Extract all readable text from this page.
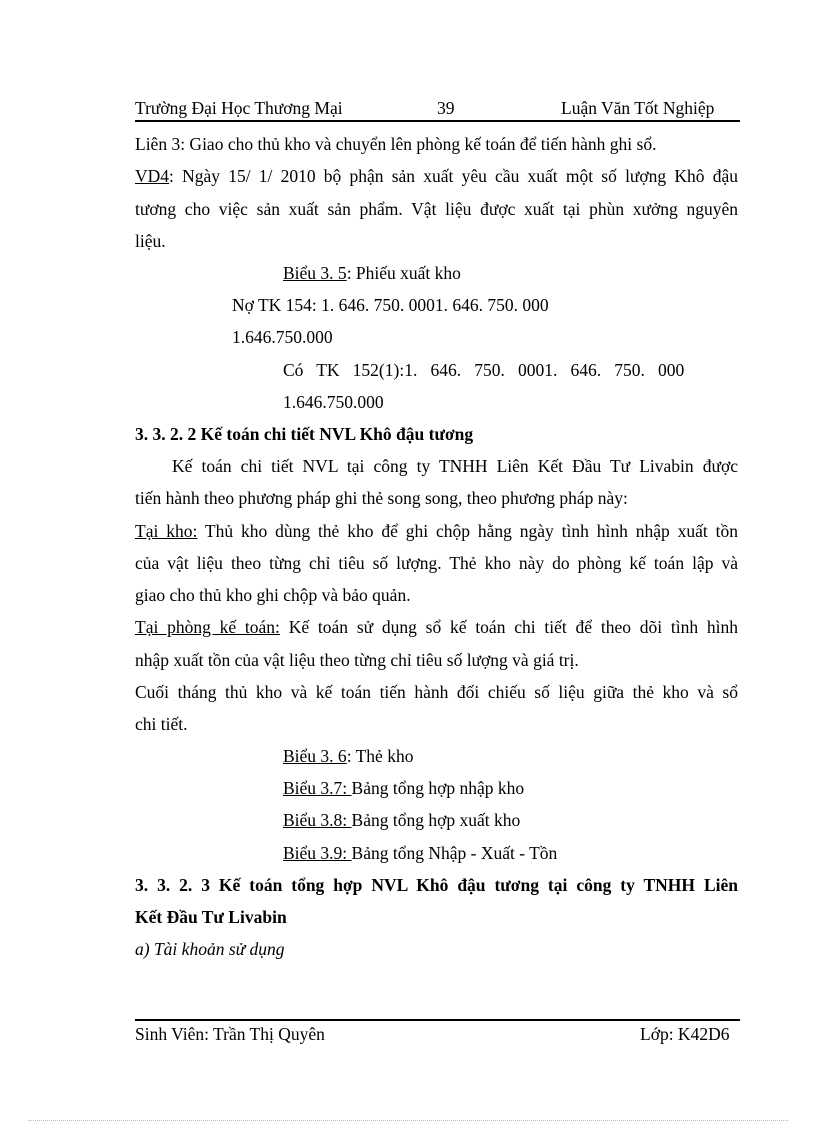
Trường Đại Học Thương Mại	39	Luận Văn Tốt Nghiệp
Liên 3: Giao cho thủ kho và chuyển lên phòng kế toán để tiến hành ghi sổ.
VD4: Ngày 15/ 1/ 2010 bộ phận sản xuất yêu cầu xuất một số lượng Khô đậu
tương cho việc sản xuất sản phẩm. Vật liệu được xuất tại phùn xưởng nguyên
liệu.
Biểu 3. 5: Phiếu xuất kho
Nợ TK 154: 1. 646. 750. 0001. 646. 750. 000
1.646.750.000
Có   TK   152(1):1.   646.   750.   0001.   646.   750.   000
1.646.750.000
3. 3. 2. 2 Kế toán chi tiết NVL Khô đậu tương
Kế toán chi tiết NVL tại công ty TNHH Liên Kết Đầu Tư Livabin được
tiến hành theo phương pháp ghi thẻ song song, theo phương pháp này:
Tại kho: Thủ kho dùng thẻ kho để ghi chộp hằng ngày tình hình nhập xuất tồn
của vật liệu theo từng chỉ tiêu số lượng. Thẻ kho này do phòng kế toán lập và
giao cho thủ kho ghi chộp và bảo quản.
Tại phòng kế toán: Kế toán sử dụng sổ kế toán chi tiết để theo dõi tình hình
nhập xuất tồn của vật liệu theo từng chỉ tiêu số lượng và giá trị.
Cuối tháng thủ kho và kế toán tiến hành đối chiếu số liệu giữa thẻ kho và sổ
chi tiết.
Biểu 3. 6: Thẻ kho
Biểu 3.7: Bảng tổng hợp nhập kho
Biểu 3.8: Bảng tổng hợp xuất kho
Biểu 3.9: Bảng tổng Nhập - Xuất - Tồn
3. 3. 2. 3 Kế toán tổng hợp NVL Khô đậu tương tại công ty TNHH Liên
Kết Đầu Tư Livabin
a) Tài khoản sử dụng
Sinh Viên: Trần Thị Quyên	Lớp: K42D6
